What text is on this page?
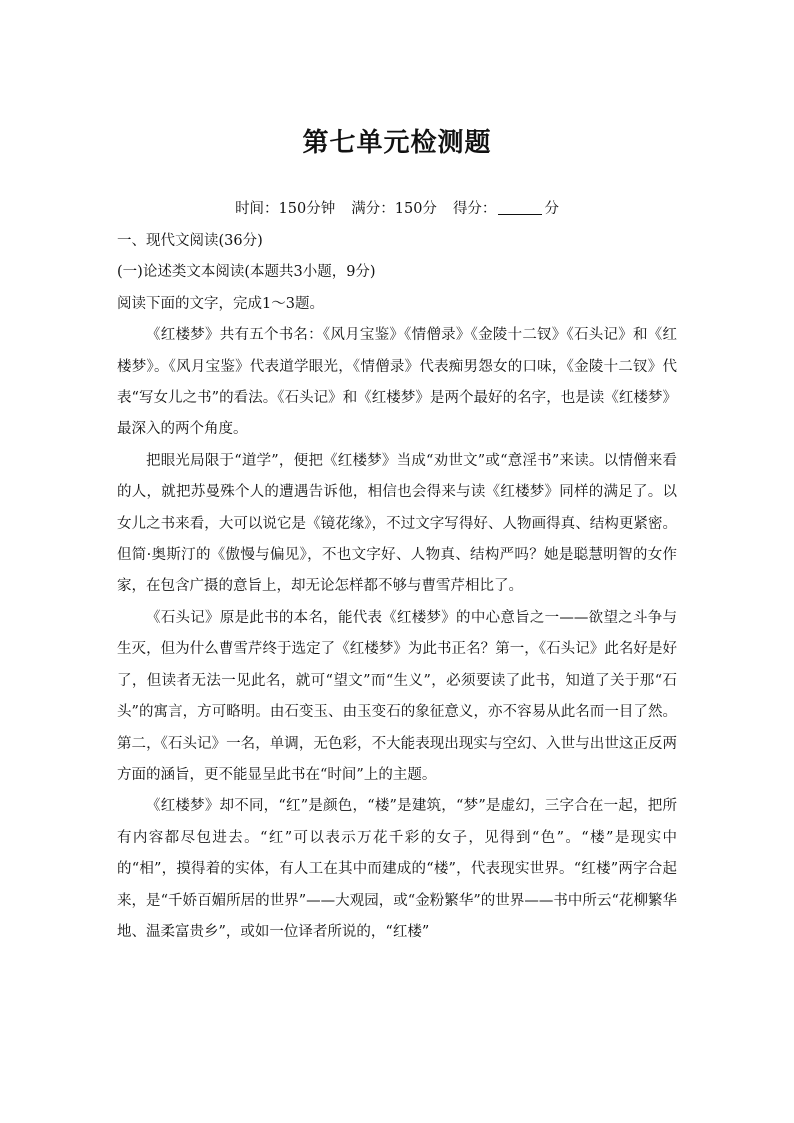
第七单元检测题
时间：150分钟 满分：150分 得分：	分
一、现代文阅读(36分)
(一)论述类文本阅读(本题共3小题，9分)
阅读下面的文字，完成1～3题。

《红楼梦》共有五个书名：《风月宝鉴》《情僧录》《金陵十二钗》《石头记》和《红楼梦》。《风月宝鉴》代表道学眼光，《情僧录》代表痴男怨女的口味，《金陵十二钗》代表“写女儿之书”的看法。《石头记》和《红楼梦》是两个最好的名字，也是读《红楼梦》最深入的两个角度。

把眼光局限于“道学”，便把《红楼梦》当成“劝世文”或“意淫书”来读。以情僧来看的人，就把苏曼殊个人的遭遇告诉他，相信也会得来与读《红楼梦》同样的满足了。以女儿之书来看，大可以说它是《镜花缘》，不过文字写得好、人物画得真、结构更紧密。但简·奥斯汀的《傲慢与偏见》，不也文字好、人物真、结构严吗？她是聪慧明智的女作家，在包含广摄的意旨上，却无论怎样都不够与曹雪芹相比了。

《石头记》原是此书的本名，能代表《红楼梦》的中心意旨之一——欲望之斗争与生灭，但为什么曹雪芹终于选定了《红楼梦》为此书正名？第一，《石头记》此名好是好了，但读者无法一见此名，就可“望文”而“生义”，必须要读了此书，知道了关于那“石头”的寓言，方可略明。由石变玉、由玉变石的象征意义，亦不容易从此名而一目了然。第二，《石头记》一名，单调，无色彩，不大能表现出现实与空幻、入世与出世这正反两方面的涵旨，更不能显呈此书在“时间”上的主题。

《红楼梦》却不同，“红”是颜色，“楼”是建筑，“梦”是虚幻，三字合在一起，把所有内容都尽包进去。“红”可以表示万花千彩的女子，见得到“色”。“楼”是现实中的“相”，摸得着的实体，有人工在其中而建成的“楼”，代表现实世界。“红楼”两字合起来，是“千娇百媚所居的世界”——大观园，或“金粉繁华”的世界——书中所云“花柳繁华地、温柔富贵乡”，或如一位译者所说的，“红楼”
